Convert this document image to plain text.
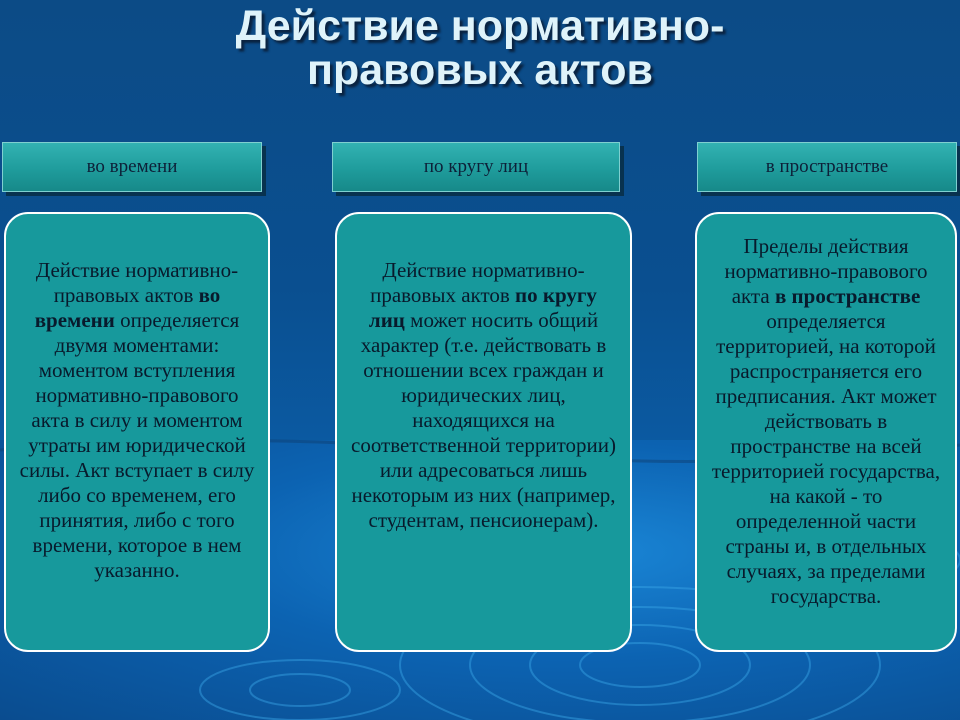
Действие нормативно-
правовых актов
во времени	по кругу лиц	в пространстве
Действие нормативно-правовых актов во времени определяется двумя моментами: моментом вступления нормативно-правового акта в силу и моментом утраты им юридической силы. Акт вступает в силу либо со временем, его принятия, либо с того времени, которое в нем указанно.
Действие нормативно-правовых актов по кругу лиц может носить общий характер (т.е. действовать в отношении всех граждан и юридических лиц, находящихся на соответственной территории) или адресоваться лишь некоторым из них (например, студентам, пенсионерам).
Пределы действия нормативно-правового акта в пространстве определяется территорией, на которой распространяется его предписания. Акт может действовать в пространстве на всей территорией государства, на какой - то определенной части страны и, в отдельных случаях, за пределами государства.
